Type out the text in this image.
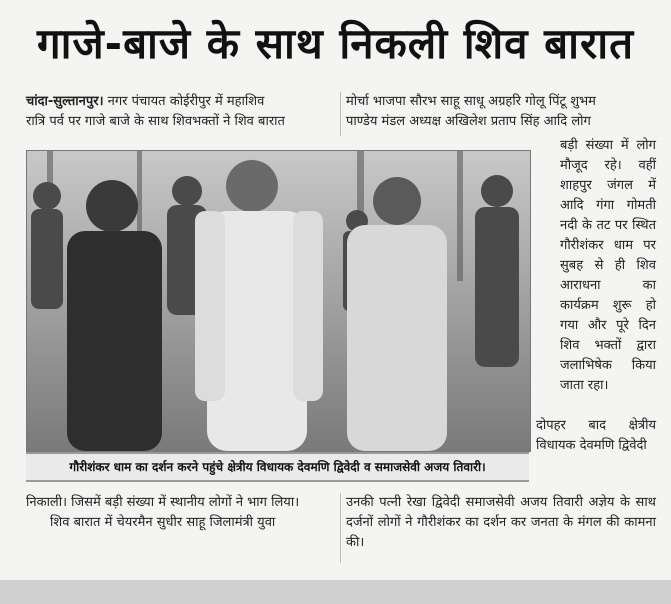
गाजे-बाजे के साथ निकली शिव बारात
चांदा-सुल्तानपुर। नगर पंचायत कोईरीपुर में महाशिव
रात्रि पर्व पर गाजे बाजे के साथ शिवभक्तों ने शिव बारात
मोर्चा भाजपा सौरभ साहू साधू अग्रहरि गोलू पिंटू शुभम
पाण्डेय मंडल अध्यक्ष अखिलेश प्रताप सिंह आदि लोग

बड़ी संख्या में लोग मौजूद रहे। वहीं शाहपुर जंगल में आदि गंगा गोमती नदी के तट पर स्थित गौरीशंकर धाम पर सुबह से ही शिव आराधना का कार्यक्रम शुरू हो गया और पूरे दिन शिव भक्तों द्वारा जलाभिषेक किया जाता रहा।

दोपहर बाद क्षेत्रीय विधायक देवमणि द्विवेदी

गौरीशंकर धाम का दर्शन करने पहुंचे क्षेत्रीय विधायक देवमणि द्विवेदी व समाजसेवी अजय तिवारी।

निकाली। जिसमें बड़ी संख्या में स्थानीय लोगों ने भाग लिया।

शिव बारात में चेयरमैन सुधीर साहू जिलामंत्री युवा

उनकी पत्नी रेखा द्विवेदी समाजसेवी अजय तिवारी अज्ञेय के साथ दर्जनों लोगों ने गौरीशंकर का दर्शन कर जनता के मंगल की कामना की।
